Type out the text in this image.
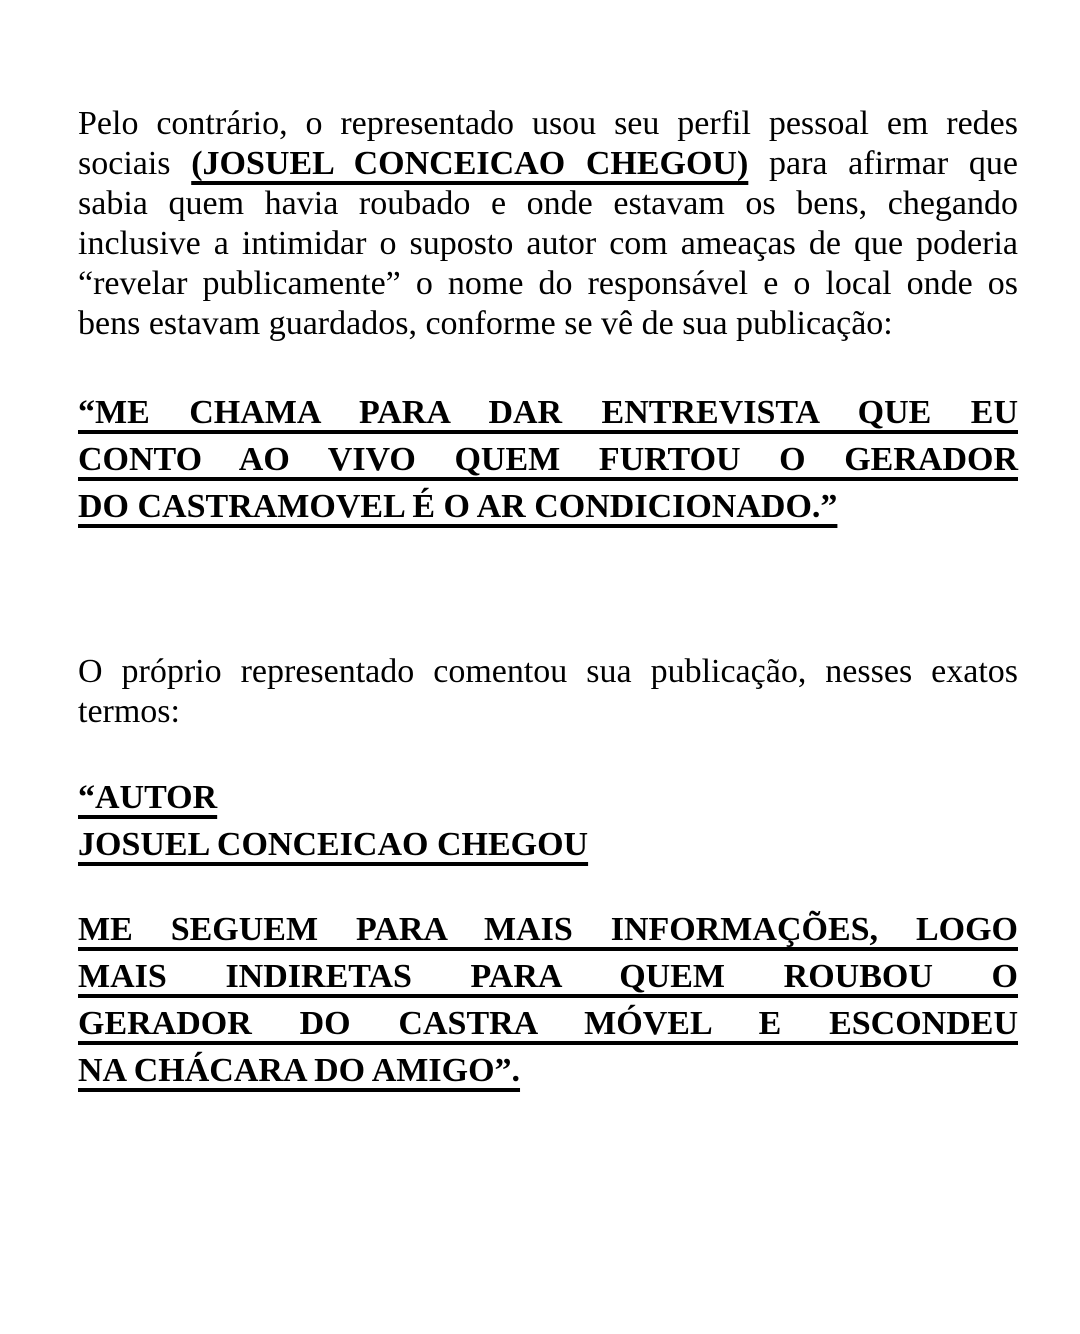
Pelo contrário, o representado usou seu perfil pessoal em redes
sociais (JOSUEL CONCEICAO CHEGOU) para afirmar que
sabia quem havia roubado e onde estavam os bens, chegando
inclusive a intimidar o suposto autor com ameaças de que poderia
“revelar publicamente” o nome do responsável e o local onde os
bens estavam guardados, conforme se vê de sua publicação:
“ME CHAMA PARA DAR ENTREVISTA QUE EU
CONTO AO VIVO QUEM FURTOU O GERADOR
DO CASTRAMOVEL É O AR CONDICIONADO.”
O próprio representado comentou sua publicação, nesses exatos
termos:
“AUTOR
JOSUEL CONCEICAO CHEGOU
ME SEGUEM PARA MAIS INFORMAÇÕES, LOGO
MAIS INDIRETAS PARA QUEM ROUBOU O
GERADOR DO CASTRA MÓVEL E ESCONDEU
NA CHÁCARA DO AMIGO”.
